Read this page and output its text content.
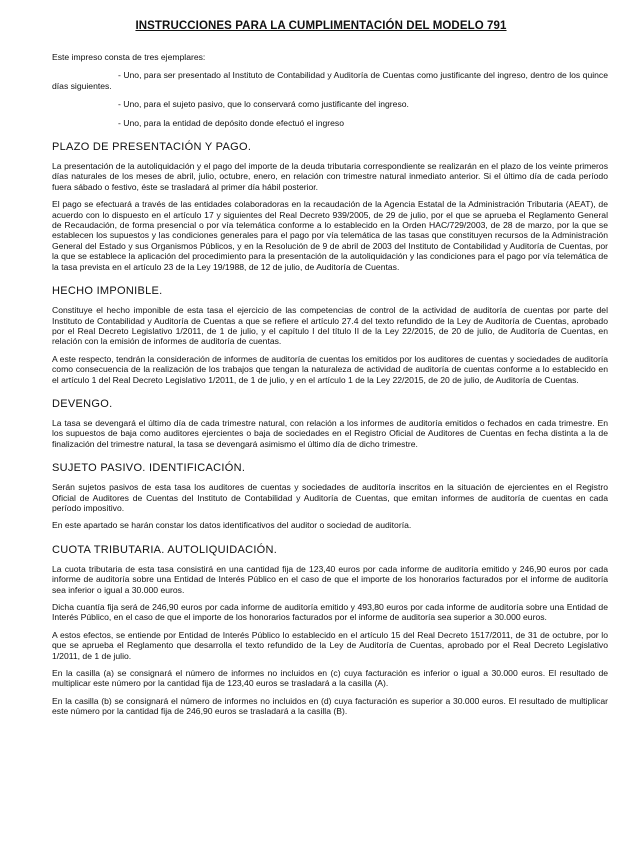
INSTRUCCIONES PARA LA CUMPLIMENTACIÓN DEL MODELO 791

Este impreso consta de tres ejemplares:

- Uno, para ser presentado al Instituto de Contabilidad y Auditoría de Cuentas como justificante del ingreso, dentro de los quince días siguientes.

- Uno, para el sujeto pasivo, que lo conservará como justificante del ingreso.

- Uno, para la entidad de depósito donde efectuó el ingreso

PLAZO DE PRESENTACIÓN Y PAGO.

La presentación de la autoliquidación y el pago del importe de la deuda tributaria correspondiente se realizarán en el plazo de los veinte primeros días naturales de los meses de abril, julio, octubre, enero, en relación con trimestre natural inmediato anterior. Si el último día de cada período fuera sábado o festivo, éste se trasladará al primer día hábil posterior.

El pago se efectuará a través de las entidades colaboradoras en la recaudación de la Agencia Estatal de la Administración Tributaria (AEAT), de acuerdo con lo dispuesto en el artículo 17 y siguientes del Real Decreto 939/2005, de 29 de julio, por el que se aprueba el Reglamento General de Recaudación, de forma presencial o por vía telemática conforme a lo establecido en la Orden HAC/729/2003, de 28 de marzo, por la que se establecen los supuestos y las condiciones generales para el pago por vía telemática de las tasas que constituyen recursos de la Administración General del Estado y sus Organismos Públicos, y en la Resolución de 9 de abril de 2003 del Instituto de Contabilidad y Auditoría de Cuentas, por la que se establece la aplicación del procedimiento para la presentación de la autoliquidación y las condiciones para el pago por vía telemática de la tasa prevista en el artículo 23 de la Ley 19/1988, de 12 de julio, de Auditoría de Cuentas.

HECHO IMPONIBLE.

Constituye el hecho imponible de esta tasa el ejercicio de las competencias de control de la actividad de auditoría de cuentas por parte del Instituto de Contabilidad y Auditoría de Cuentas a que se refiere el artículo 27.4 del texto refundido de la Ley de Auditoría de Cuentas, aprobado por el Real Decreto Legislativo 1/2011, de 1 de julio, y el capítulo I del título II de la Ley 22/2015, de 20 de julio, de Auditoría de Cuentas, en relación con la emisión de informes de auditoría de cuentas.

A este respecto, tendrán la consideración de informes de auditoría de cuentas los emitidos por los auditores de cuentas y sociedades de auditoría como consecuencia de la realización de los trabajos que tengan la naturaleza de actividad de auditoría de cuentas conforme a lo establecido en el artículo 1 del Real Decreto Legislativo 1/2011, de 1 de julio, y en el artículo 1 de la Ley 22/2015, de 20 de julio, de Auditoría de Cuentas.

DEVENGO.

La tasa se devengará el último día de cada trimestre natural, con relación a los informes de auditoría emitidos o fechados en cada trimestre. En los supuestos de baja como auditores ejercientes o baja de sociedades en el Registro Oficial de Auditores de Cuentas en fecha distinta a la de finalización del trimestre natural, la tasa se devengará asimismo el último día de dicho trimestre.

SUJETO PASIVO. IDENTIFICACIÓN.

Serán sujetos pasivos de esta tasa los auditores de cuentas y sociedades de auditoría inscritos en la situación de ejercientes en el Registro Oficial de Auditores de Cuentas del Instituto de Contabilidad y Auditoría de Cuentas, que emitan informes de auditoría de cuentas en cada período impositivo.

En este apartado se harán constar los datos identificativos del auditor o sociedad de auditoría.

CUOTA TRIBUTARIA. AUTOLIQUIDACIÓN.

La cuota tributaria de esta tasa consistirá en una cantidad fija de 123,40 euros por cada informe de auditoría emitido y 246,90 euros por cada informe de auditoría sobre una Entidad de Interés Público en el caso de que el importe de los honorarios facturados por el informe de auditoría sea inferior o igual a 30.000 euros.

Dicha cuantía fija será de 246,90 euros por cada informe de auditoría emitido y 493,80 euros por cada informe de auditoría sobre una Entidad de Interés Público, en el caso de que el importe de los honorarios facturados por el informe de auditoría sea superior a 30.000 euros.

A estos efectos, se entiende por Entidad de Interés Público lo establecido en el artículo 15 del Real Decreto 1517/2011, de 31 de octubre, por lo que se aprueba el Reglamento que desarrolla el texto refundido de la Ley de Auditoría de Cuentas, aprobado por el Real Decreto Legislativo 1/2011, de 1 de julio.

En la casilla (a) se consignará el número de informes no incluidos en (c) cuya facturación es inferior o igual a 30.000 euros. El resultado de multiplicar este número por la cantidad fija de 123,40 euros se trasladará a la casilla (A).

En la casilla (b) se consignará el número de informes no incluidos en (d) cuya facturación es superior a 30.000 euros. El resultado de multiplicar este número por la cantidad fija de 246,90 euros se trasladará a la casilla (B).
